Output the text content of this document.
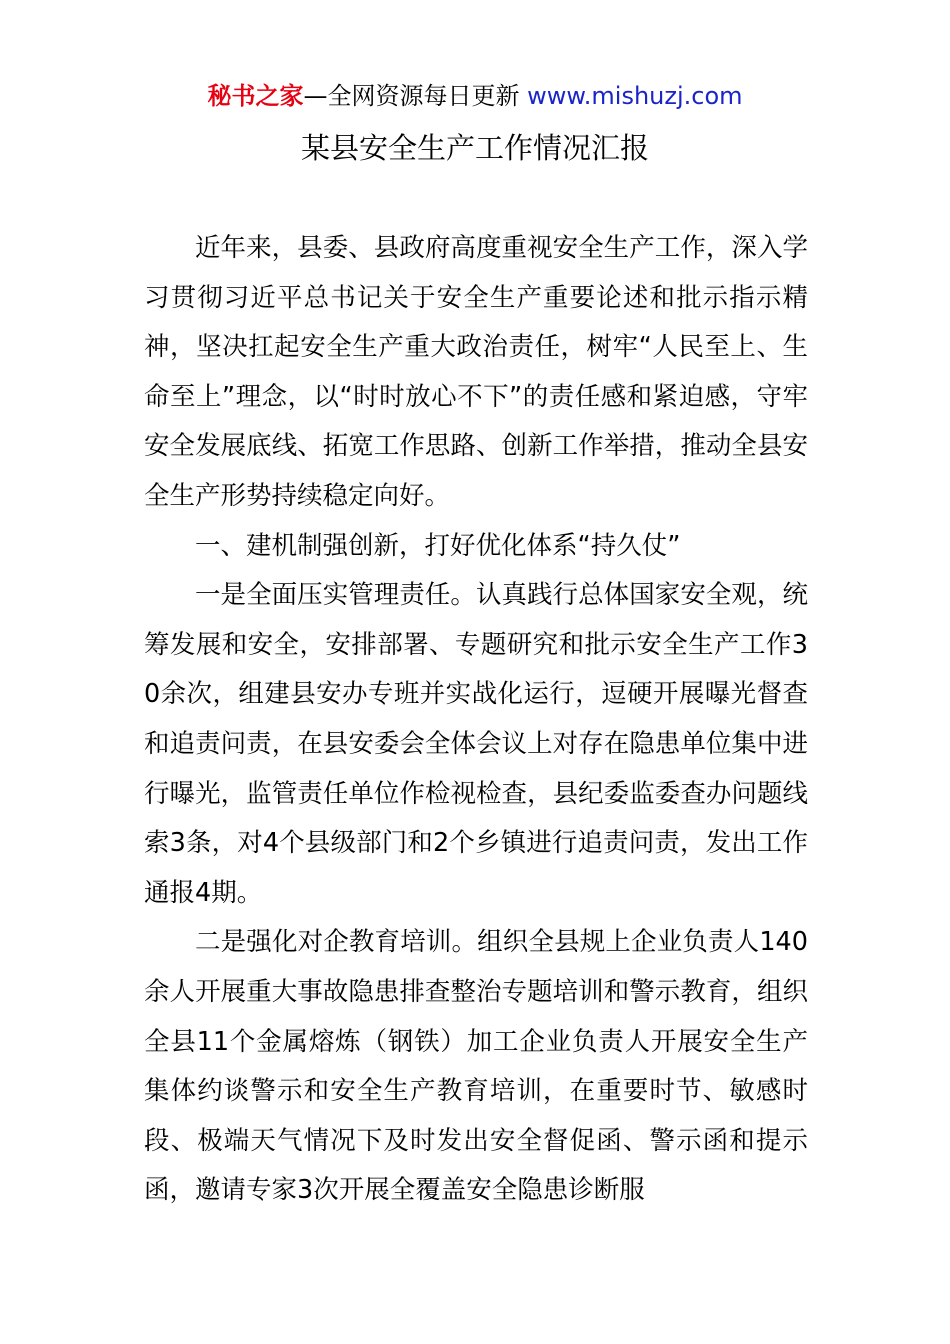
秘书之家—全网资源每日更新 www.mishuzj.com
某县安全生产工作情况汇报

近年来，县委、县政府高度重视安全生产工作，深入学习贯彻习近平总书记关于安全生产重要论述和批示指示精神，坚决扛起安全生产重大政治责任，树牢“人民至上、生命至上”理念，以“时时放心不下”的责任感和紧迫感，守牢安全发展底线、拓宽工作思路、创新工作举措，推动全县安全生产形势持续稳定向好。

一、建机制强创新，打好优化体系“持久仗”

一是全面压实管理责任。认真践行总体国家安全观，统筹发展和安全，安排部署、专题研究和批示安全生产工作30余次，组建县安办专班并实战化运行，逗硬开展曝光督查和追责问责，在县安委会全体会议上对存在隐患单位集中进行曝光，监管责任单位作检视检查，县纪委监委查办问题线索3条，对4个县级部门和2个乡镇进行追责问责，发出工作通报4期。

二是强化对企教育培训。组织全县规上企业负责人140余人开展重大事故隐患排查整治专题培训和警示教育，组织全县11个金属熔炼（钢铁）加工企业负责人开展安全生产集体约谈警示和安全生产教育培训，在重要时节、敏感时段、极端天气情况下及时发出安全督促函、警示函和提示函，邀请专家3次开展全覆盖安全隐患诊断服
